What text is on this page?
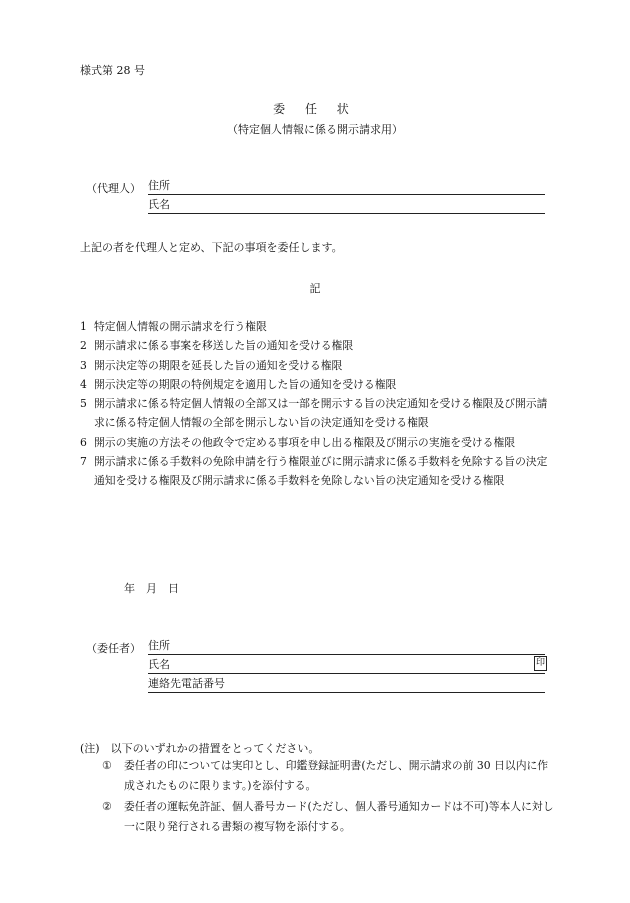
様式第 28 号
委 任 状
（特定個人情報に係る開示請求用）
（代理人） 住所
氏名
上記の者を代理人と定め、下記の事項を委任します。
記
1 特定個人情報の開示請求を行う権限
2 開示請求に係る事案を移送した旨の通知を受ける権限
3 開示決定等の期限を延長した旨の通知を受ける権限
4 開示決定等の期限の特例規定を適用した旨の通知を受ける権限
5 開示請求に係る特定個人情報の全部又は一部を開示する旨の決定通知を受ける権限及び開示請求に係る特定個人情報の全部を開示しない旨の決定通知を受ける権限
6 開示の実施の方法その他政令で定める事項を申し出る権限及び開示の実施を受ける権限
7 開示請求に係る手数料の免除申請を行う権限並びに開示請求に係る手数料を免除する旨の決定通知を受ける権限及び開示請求に係る手数料を免除しない旨の決定通知を受ける権限
年　月　日
（委任者） 住所
氏名	印
連絡先電話番号
(注)　以下のいずれかの措置をとってください。
①	委任者の印については実印とし、印鑑登録証明書(ただし、開示請求の前 30 日以内に作成されたものに限ります。)を添付する。
②	委任者の運転免許証、個人番号カード(ただし、個人番号通知カードは不可)等本人に対し一に限り発行される書類の複写物を添付する。
